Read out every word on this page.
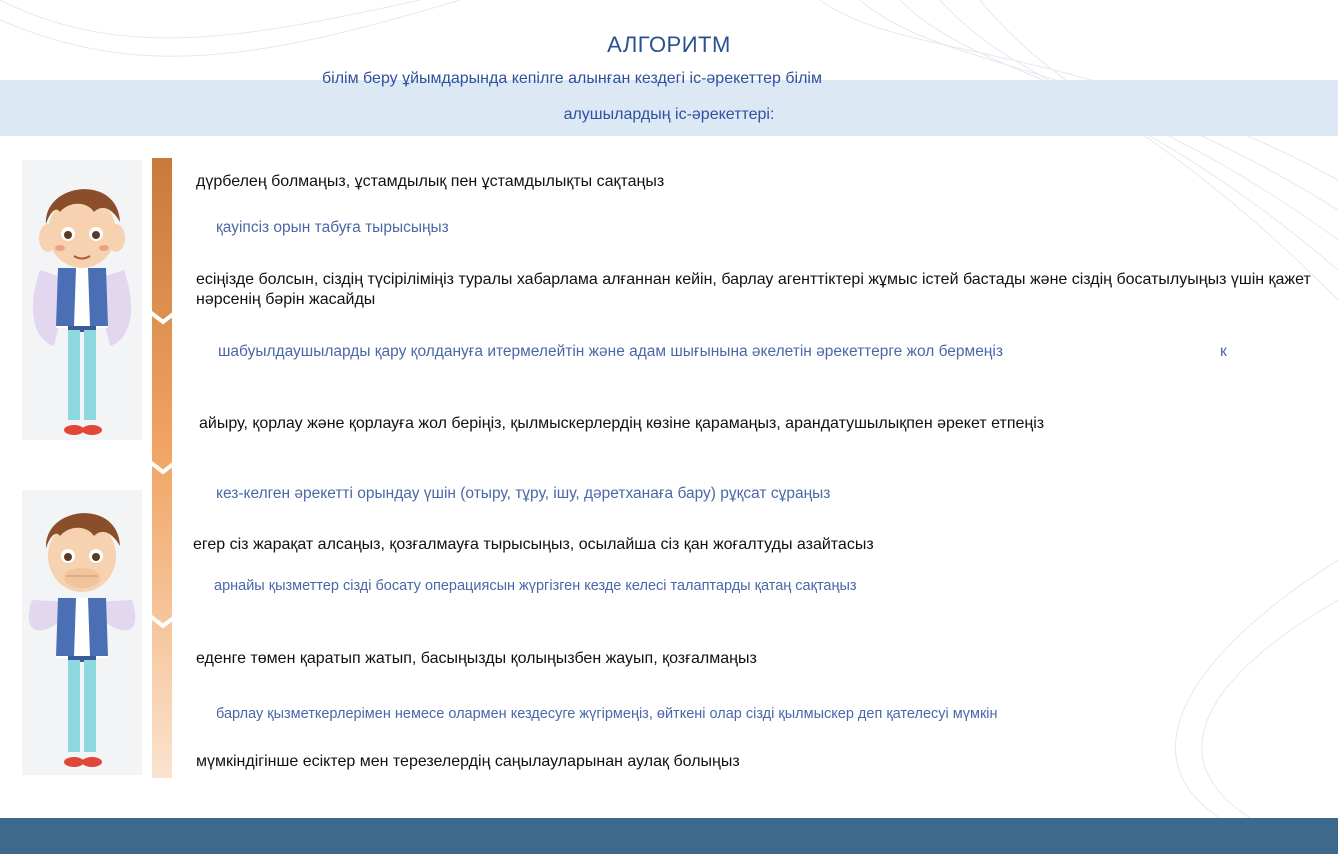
АЛГОРИТМ
білім беру ұйымдарында кепілге алынған кездегі іс-әрекеттер білім
алушылардың іс-әрекеттері:
дүрбелең болмаңыз, ұстамдылық пен ұстамдылықты сақтаңыз
қауіпсіз орын табуға тырысыңыз
есіңізде болсын, сіздің түсіріліміңіз туралы хабарлама алғаннан кейін, барлау агенттіктері жұмыс істей бастады және сіздің босатылуыңыз үшін қажет нәрсенің бәрін жасайды
шабуылдаушыларды қару қолдануға итермелейтін және адам шығынына әкелетін әрекеттерге жол бермеңіз	к
айыру, қорлау және қорлауға жол беріңіз, қылмыскерлердің көзіне қарамаңыз, арандатушылықпен әрекет етпеңіз
кез-келген әрекетті орындау үшін (отыру, тұру, ішу, дәретханаға бару) рұқсат сұраңыз
егер сіз жарақат алсаңыз, қозғалмауға тырысыңыз, осылайша сіз қан жоғалтуды азайтасыз
арнайы қызметтер сізді босату операциясын жүргізген кезде келесі талаптарды қатаң сақтаңыз
еденге төмен қаратып жатып, басыңызды қолыңызбен жауып, қозғалмаңыз
барлау қызметкерлерімен немесе олармен кездесуге жүгірмеңіз, өйткені олар сізді қылмыскер деп қателесуі мүмкін
мүмкіндігінше есіктер мен терезелердің саңылауларынан аулақ болыңыз
